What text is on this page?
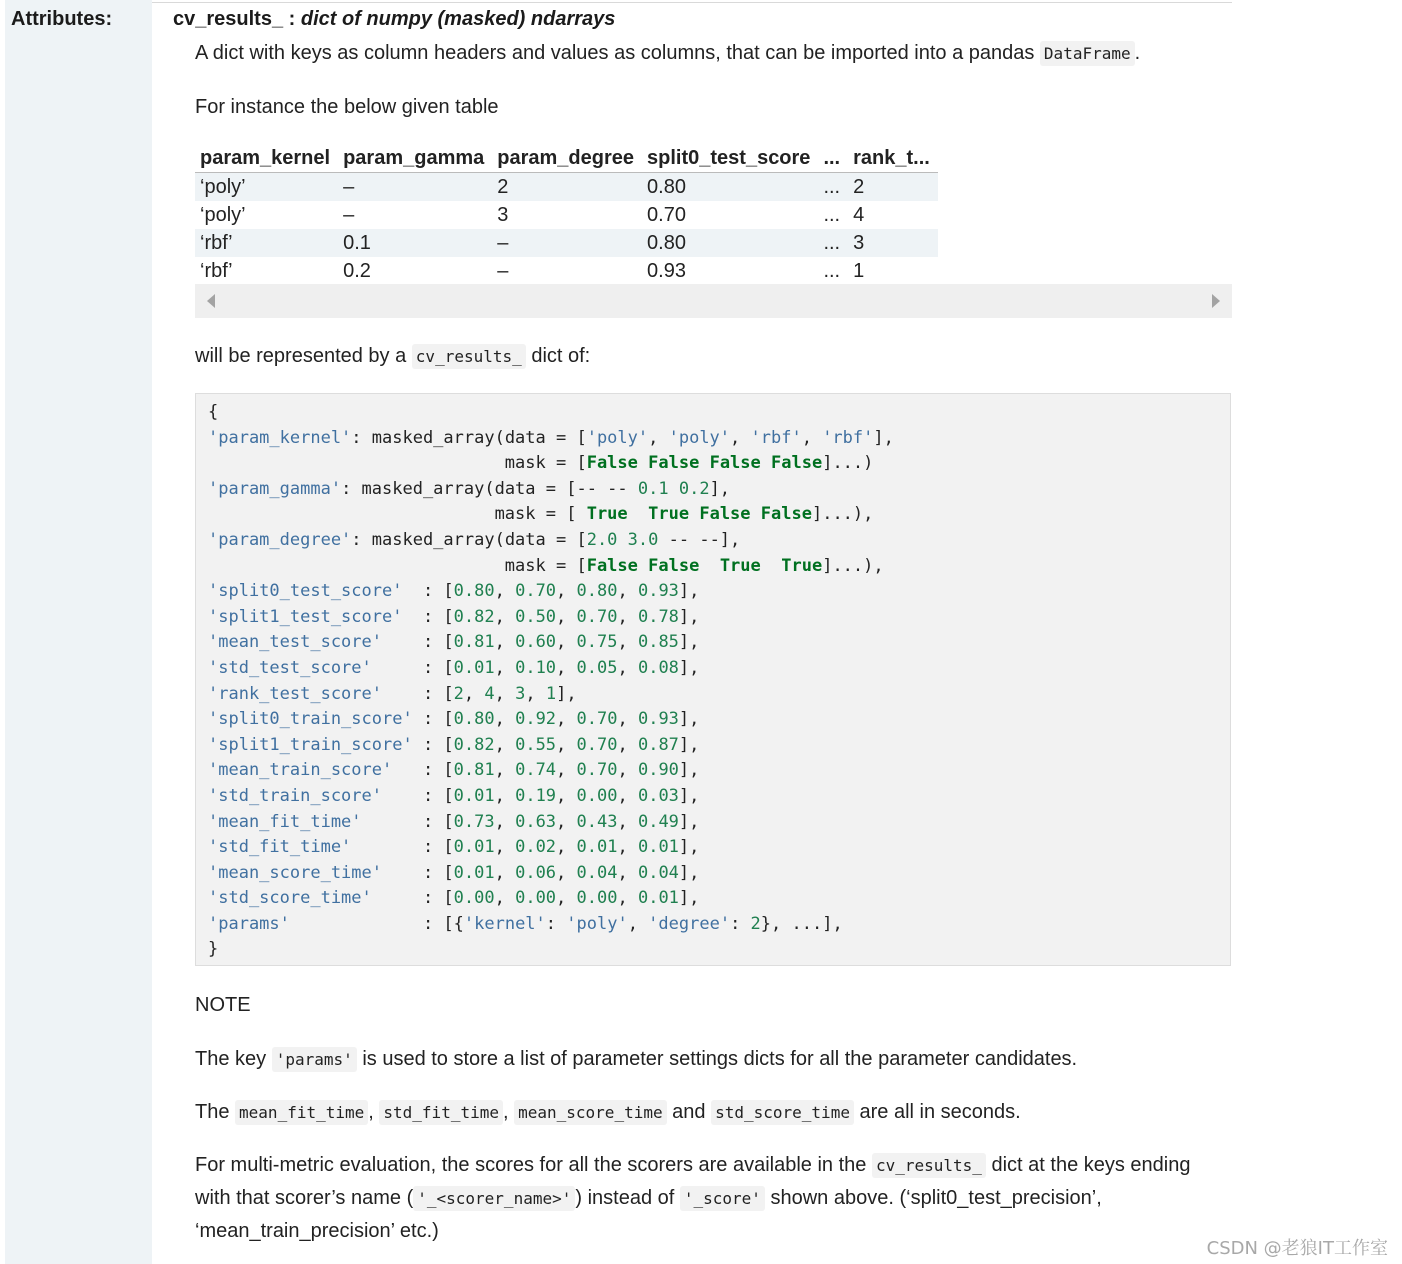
Attributes:	cv_results_ : dict of numpy (masked) ndarrays
A dict with keys as column headers and values as columns, that can be imported into a pandas DataFrame .
For instance the below given table
param_kernel	param_gamma	param_degree	split0_test_score	...	rank_t...
‘poly’	–	2	0.80	...	2
‘poly’	–	3	0.70	...	4
‘rbf’	0.1	–	0.80	...	3
‘rbf’	0.2	–	0.93	...	1
will be represented by a cv_results_ dict of:
{
'param_kernel': masked_array(data = ['poly', 'poly', 'rbf', 'rbf'],
mask = [False False False False]...)
'param_gamma': masked_array(data = [-- -- 0.1 0.2],
mask = [ True True False False]...),
'param_degree': masked_array(data = [2.0 3.0 -- --],
mask = [False False True True]...),
'split0_test_score'  : [0.80, 0.70, 0.80, 0.93],
'split1_test_score'  : [0.82, 0.50, 0.70, 0.78],
'mean_test_score'    : [0.81, 0.60, 0.75, 0.85],
'std_test_score'     : [0.01, 0.10, 0.05, 0.08],
'rank_test_score'    : [2, 4, 3, 1],
'split0_train_score' : [0.80, 0.92, 0.70, 0.93],
'split1_train_score' : [0.82, 0.55, 0.70, 0.87],
'mean_train_score'   : [0.81, 0.74, 0.70, 0.90],
'std_train_score'    : [0.01, 0.19, 0.00, 0.03],
'mean_fit_time'      : [0.73, 0.63, 0.43, 0.49],
'std_fit_time'       : [0.01, 0.02, 0.01, 0.01],
'mean_score_time'    : [0.01, 0.06, 0.04, 0.04],
'std_score_time'     : [0.00, 0.00, 0.00, 0.01],
'params'             : [{'kernel': 'poly', 'degree': 2}, ...],
}

NOTE
The key 'params' is used to store a list of parameter settings dicts for all the parameter candidates.
The mean_fit_time , std_fit_time , mean_score_time and std_score_time are all in seconds.
For multi-metric evaluation, the scores for all the scorers are available in the cv_results_ dict at the keys ending with that scorer’s name ( '_<scorer_name>' ) instead of '_score' shown above. (‘split0_test_precision’, ‘mean_train_precision’ etc.)
CSDN @老狼IT工作室
